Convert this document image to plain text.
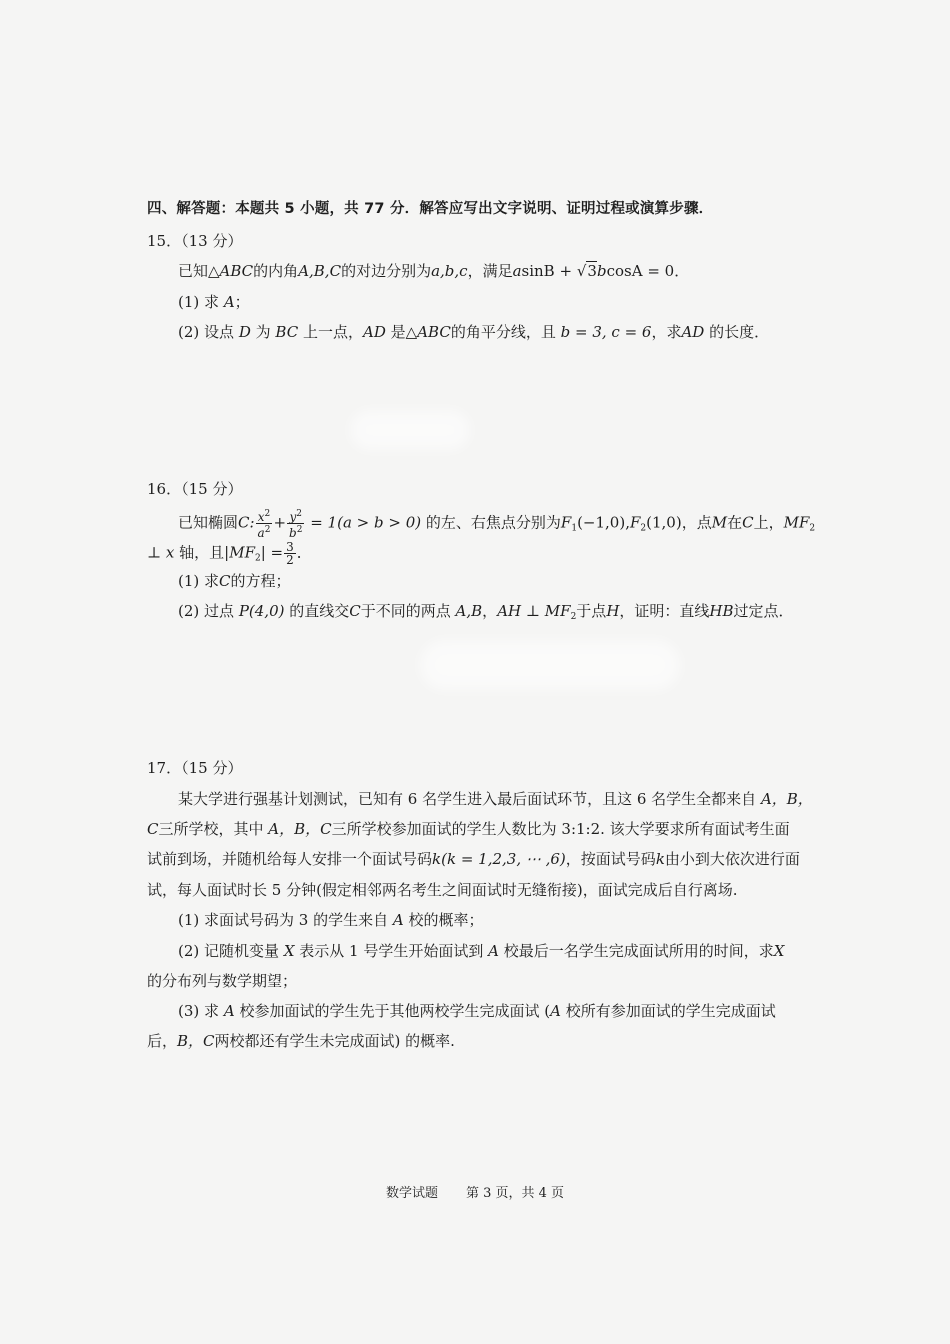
四、解答题：本题共 5 小题，共 77 分．解答应写出文字说明、证明过程或演算步骤．
15．（13 分）
已知△ABC的内角A,B,C的对边分别为a,b,c，满足asinB + √3bcosA = 0．
(1) 求 A；
(2) 设点 D 为 BC 上一点，AD 是△ABC的角平分线，且 b = 3, c = 6，求AD 的长度．
16．（15 分）
已知椭圆C: $\frac{x^2}{a^2} + \frac{y^2}{b^2} = 1(a > b > 0)$ 的左、右焦点分别为$F_1(-1,0),F_2(1,0)$，点M在C上，$MF_2$
⊥ x 轴，且$|MF_2| = \frac{3}{2}$ ．
(1) 求C的方程；
(2) 过点 P(4,0) 的直线交C于不同的两点 A,B，AH ⊥ $MF_2$于点H，证明：直线HB过定点．
17．（15 分）
某大学进行强基计划测试，已知有 6 名学生进入最后面试环节，且这 6 名学生全都来自 A，B，
C三所学校，其中 A，B，C三所学校参加面试的学生人数比为 3:1:2. 该大学要求所有面试考生面
试前到场，并随机给每人安排一个面试号码k(k = 1,2,3, ⋯ ,6)，按面试号码k由小到大依次进行面
试，每人面试时长 5 分钟(假定相邻两名考生之间面试时无缝衔接)，面试完成后自行离场.
(1) 求面试号码为 3 的学生来自 A 校的概率；
(2) 记随机变量 X 表示从 1 号学生开始面试到 A 校最后一名学生完成面试所用的时间，求X
的分布列与数学期望；
(3) 求 A 校参加面试的学生先于其他两校学生完成面试 (A 校所有参加面试的学生完成面试
后，B，C两校都还有学生未完成面试) 的概率.
数学试题 第 3 页，共 4 页
